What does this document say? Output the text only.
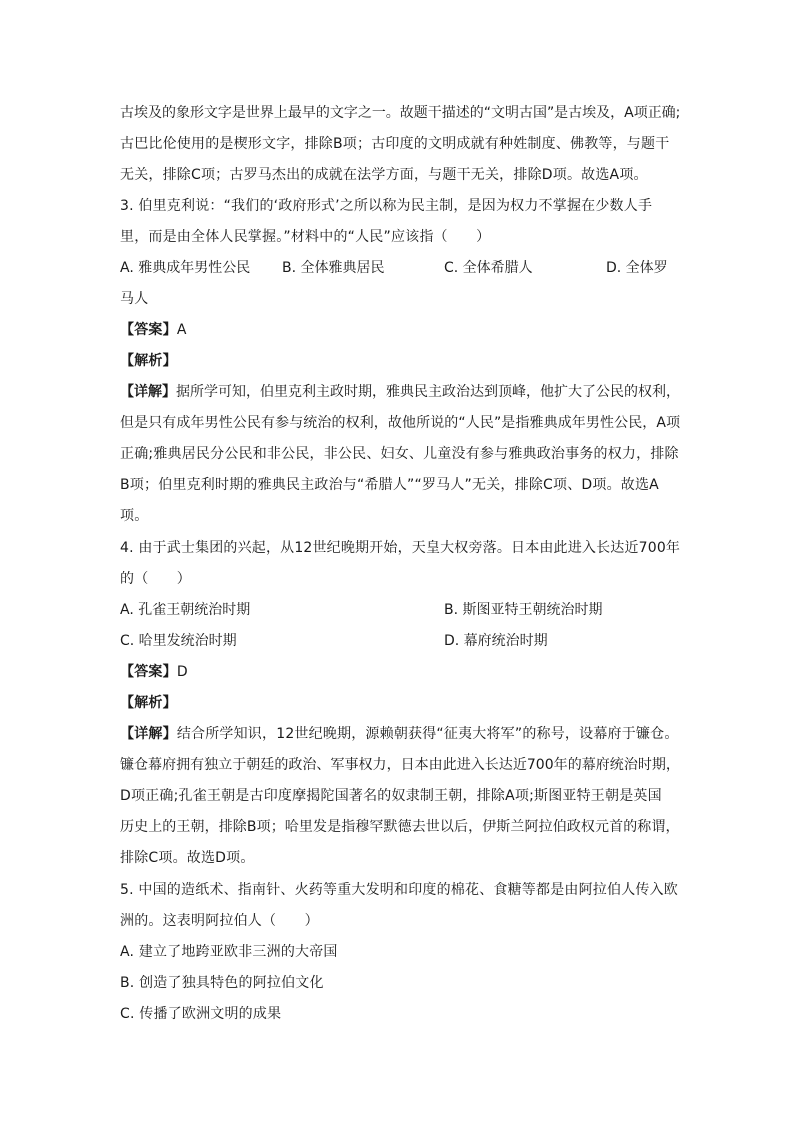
古埃及的象形文字是世界上最早的文字之一。故题干描述的“文明古国”是古埃及，A项正确;
古巴比伦使用的是楔形文字，排除B项；古印度的文明成就有种姓制度、佛教等，与题干
无关，排除C项；古罗马杰出的成就在法学方面，与题干无关，排除D项。故选A项。
3. 伯里克利说：“我们的‘政府形式’之所以称为民主制，是因为权力不掌握在少数人手
里，而是由全体人民掌握。”材料中的“人民”应该指（　　）
A. 雅典成年男性公民 B. 全体雅典居民	C. 全体希腊人	D. 全体罗
马人
【答案】A
【解析】
【详解】据所学可知，伯里克利主政时期，雅典民主政治达到顶峰，他扩大了公民的权利，
但是只有成年男性公民有参与统治的权利，故他所说的“人民”是指雅典成年男性公民，A项
正确;雅典居民分公民和非公民，非公民、妇女、儿童没有参与雅典政治事务的权力，排除
B项；伯里克利时期的雅典民主政治与“希腊人”“罗马人”无关，排除C项、D项。故选A
项。
4. 由于武士集团的兴起，从12世纪晚期开始，天皇大权旁落。日本由此进入长达近700年
的（　　）
A. 孔雀王朝统治时期	B. 斯图亚特王朝统治时期
C. 哈里发统治时期	D. 幕府统治时期
【答案】D
【解析】
【详解】结合所学知识，12世纪晚期，源赖朝获得“征夷大将军”的称号，设幕府于镰仓。
镰仓幕府拥有独立于朝廷的政治、军事权力，日本由此进入长达近700年的幕府统治时期，
D项正确;孔雀王朝是古印度摩揭陀国著名的奴隶制王朝，排除A项;斯图亚特王朝是英国
历史上的王朝，排除B项；哈里发是指穆罕默德去世以后，伊斯兰阿拉伯政权元首的称谓，
排除C项。故选D项。
5. 中国的造纸术、指南针、火药等重大发明和印度的棉花、食糖等都是由阿拉伯人传入欧
洲的。这表明阿拉伯人（　　）
A. 建立了地跨亚欧非三洲的大帝国
B. 创造了独具特色的阿拉伯文化
C. 传播了欧洲文明的成果
